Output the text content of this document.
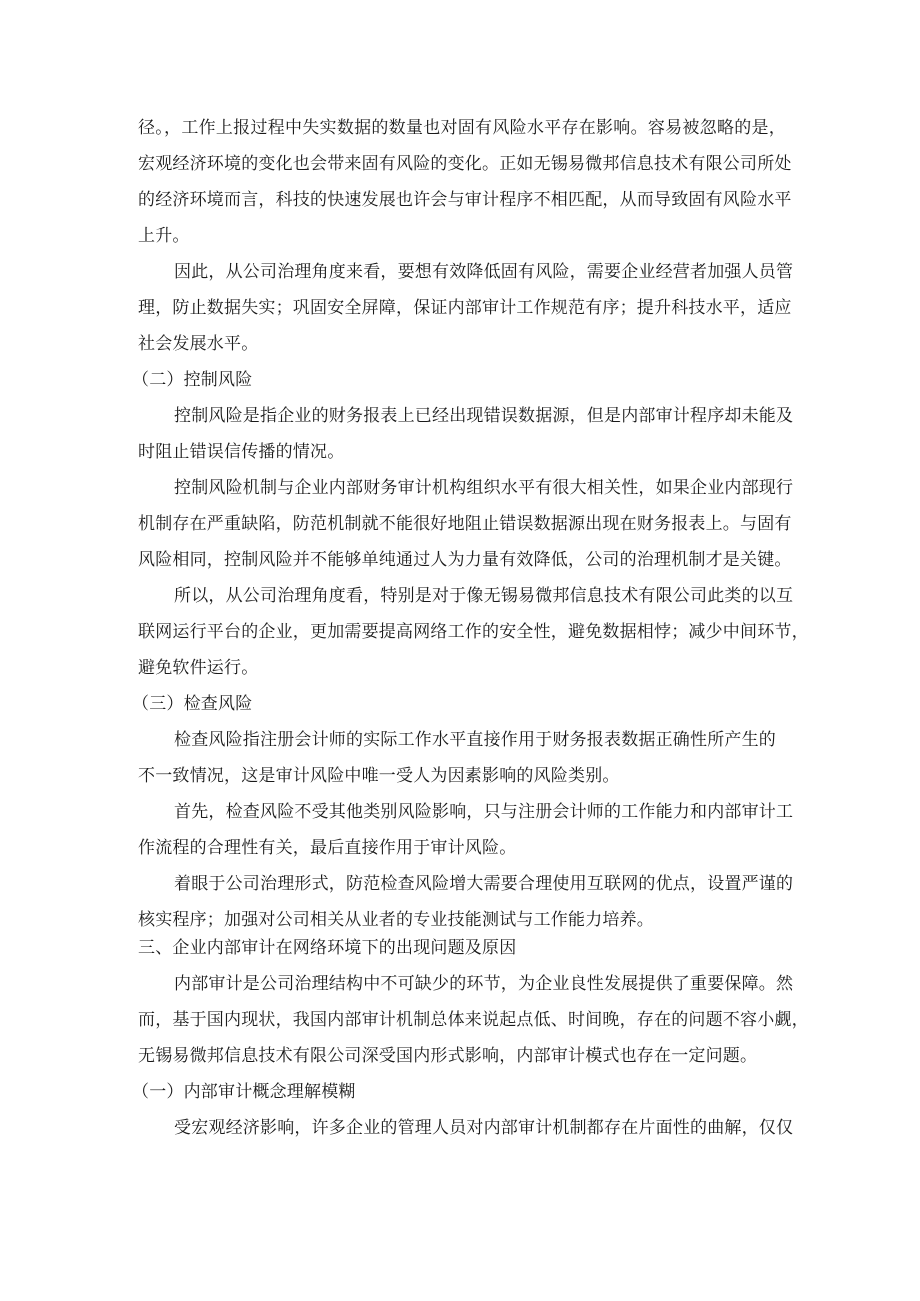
径。，工作上报过程中失实数据的数量也对固有风险水平存在影响。容易被忽略的是，
宏观经济环境的变化也会带来固有风险的变化。正如无锡易微邦信息技术有限公司所处
的经济环境而言，科技的快速发展也许会与审计程序不相匹配，从而导致固有风险水平
上升。
因此，从公司治理角度来看，要想有效降低固有风险，需要企业经营者加强人员管
理，防止数据失实；巩固安全屏障，保证内部审计工作规范有序；提升科技水平，适应
社会发展水平。
（二）控制风险
控制风险是指企业的财务报表上已经出现错误数据源，但是内部审计程序却未能及
时阻止错误信传播的情况。
控制风险机制与企业内部财务审计机构组织水平有很大相关性，如果企业内部现行
机制存在严重缺陷，防范机制就不能很好地阻止错误数据源出现在财务报表上。与固有
风险相同，控制风险并不能够单纯通过人为力量有效降低，公司的治理机制才是关键。
所以，从公司治理角度看，特别是对于像无锡易微邦信息技术有限公司此类的以互
联网运行平台的企业，更加需要提高网络工作的安全性，避免数据相悖；减少中间环节，
避免软件运行。
（三）检查风险
检查风险指注册会计师的实际工作水平直接作用于财务报表数据正确性所产生的
不一致情况，这是审计风险中唯一受人为因素影响的风险类别。
首先，检查风险不受其他类别风险影响，只与注册会计师的工作能力和内部审计工
作流程的合理性有关，最后直接作用于审计风险。
着眼于公司治理形式，防范检查风险增大需要合理使用互联网的优点，设置严谨的
核实程序；加强对公司相关从业者的专业技能测试与工作能力培养。
三、企业内部审计在网络环境下的出现问题及原因
内部审计是公司治理结构中不可缺少的环节，为企业良性发展提供了重要保障。然
而，基于国内现状，我国内部审计机制总体来说起点低、时间晚，存在的问题不容小觑，
无锡易微邦信息技术有限公司深受国内形式影响，内部审计模式也存在一定问题。
（一）内部审计概念理解模糊
受宏观经济影响，许多企业的管理人员对内部审计机制都存在片面性的曲解，仅仅
